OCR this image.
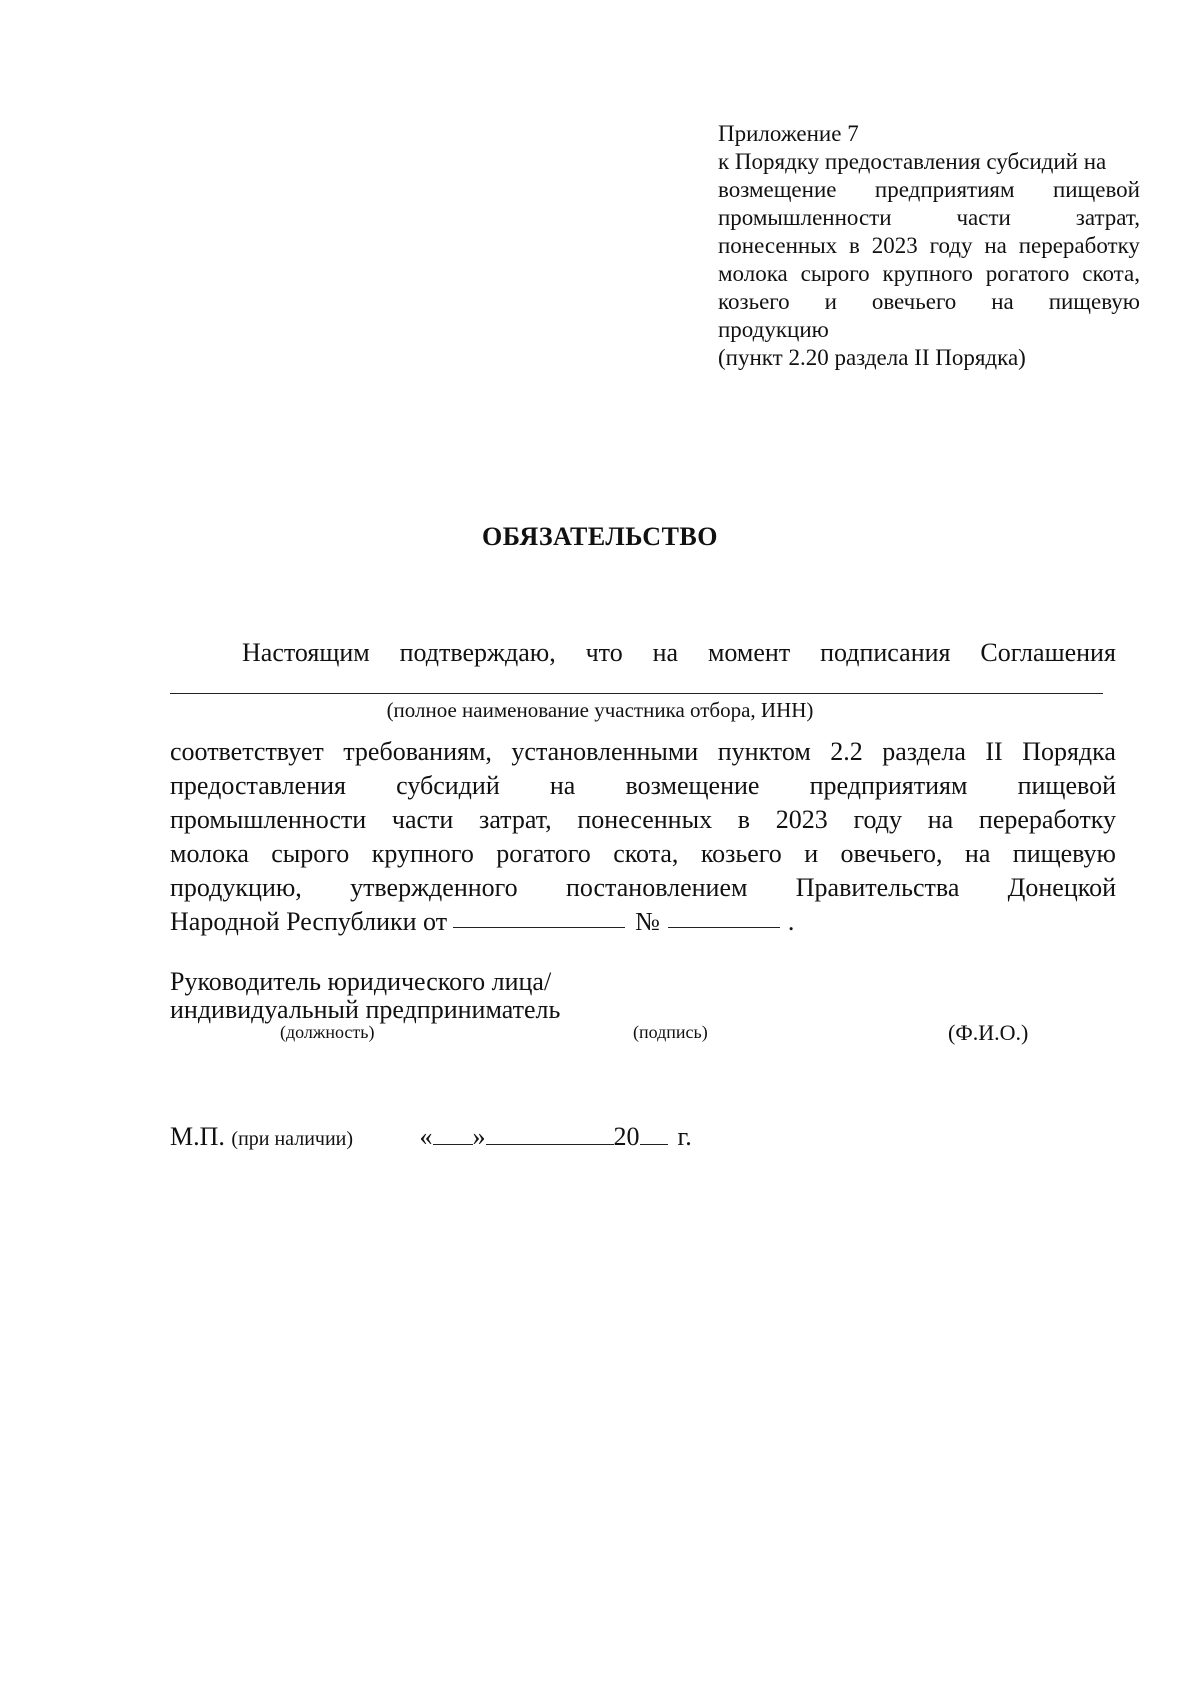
Приложение 7
к Порядку предоставления субсидий на
возмещение предприятиям пищевой
промышленности	части	затрат,
понесенных в 2023 году на переработку
молока сырого крупного рогатого скота,
козьего и овечьего на пищевую
продукцию
(пункт 2.20 раздела II Порядка)
ОБЯЗАТЕЛЬСТВО
Настоящим подтверждаю, что на момент подписания Соглашения
(полное наименование участника отбора, ИНН)
соответствует требованиям, установленными пунктом 2.2 раздела II Порядка
предоставления субсидий на возмещение предприятиям пищевой
промышленности части затрат, понесенных в 2023 году на переработку
молока сырого крупного рогатого скота, козьего и овечьего, на пищевую
продукцию, утвержденного постановлением Правительства Донецкой
Народной Республики от	№	.
Руководитель юридического лица/
индивидуальный предприниматель
(должность)	(подпись)	(Ф.И.О.)
М.П. (при наличии)	« »	20 г.
